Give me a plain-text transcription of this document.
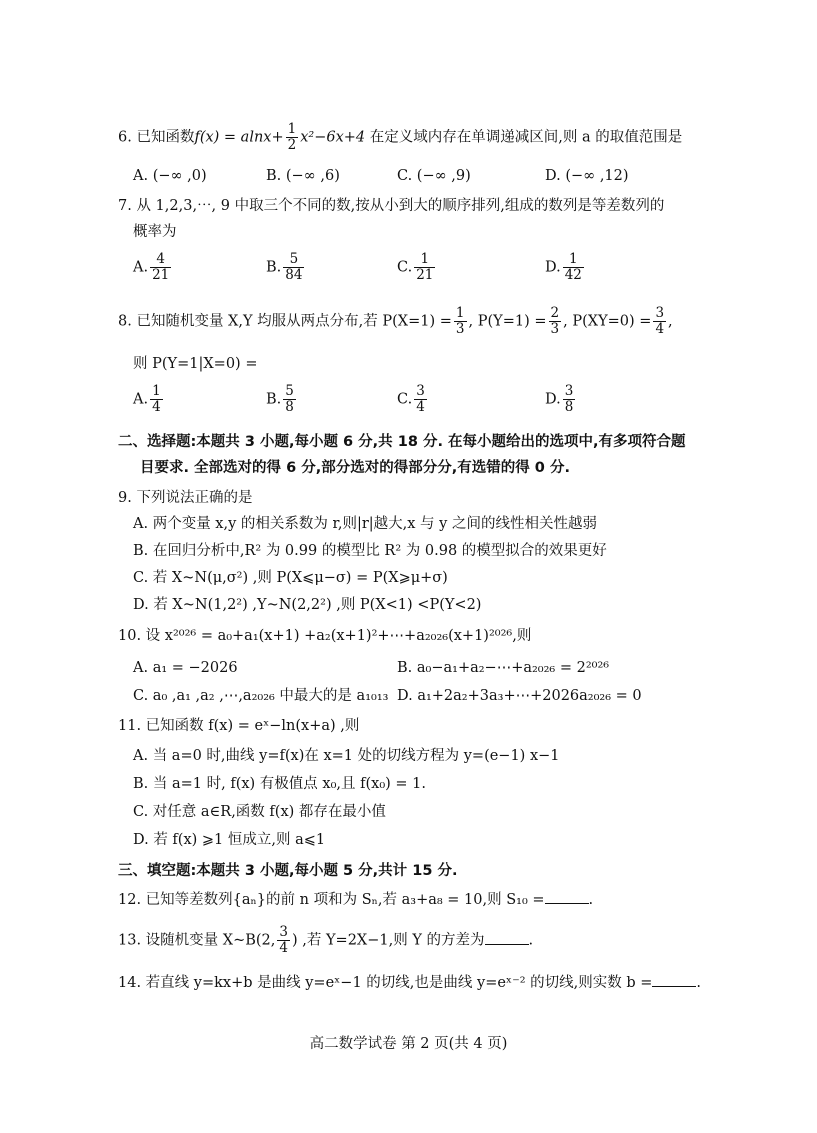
6. 已知函数$f(x) = alnx+ \frac{1}{2} x^2-6x+4$ 在定义域内存在单调递减区间,则 a 的取值范围是
A. (−∞ ,0)	B. (−∞ ,6)	C. (−∞ ,9)	D. (−∞ ,12)
7. 从 1,2,3,⋯, 9 中取三个不同的数,按从小到大的顺序排列,组成的数列是等差数列的
概率为
A. $\frac{4}{21}$	B. $\frac{5}{84}$	C. $\frac{1}{21}$	D. $\frac{1}{42}$
8. 已知随机变量 X,Y 均服从两点分布,若 $P(X=1) = \frac{1}{3}$ , $P(Y=1) = \frac{2}{3}$ , $P(XY=0) = \frac{3}{4}$ ,
则 P(Y=1|X=0) =
A. $\frac{1}{4}$	B. $\frac{5}{8}$	C. $\frac{3}{4}$	D. $\frac{3}{8}$
二、选择题:本题共 3 小题,每小题 6 分,共 18 分. 在每小题给出的选项中,有多项符合题
目要求. 全部选对的得 6 分,部分选对的得部分分,有选错的得 0 分.
9. 下列说法正确的是
A. 两个变量 x,y 的相关系数为 r,则|r|越大,x 与 y 之间的线性相关性越弱
B. 在回归分析中,R² 为 0.99 的模型比 R² 为 0.98 的模型拟合的效果更好
C. 若 X~N(μ,σ²) ,则 P(X⩽μ−σ) = P(X⩾μ+σ)
D. 若 X~N(1,2²) ,Y~N(2,2²) ,则 P(X<1) <P(Y<2)
10. 设 x²⁰²⁶ = a₀+a₁(x+1) +a₂(x+1)²+⋯+a₂₀₂₆(x+1)²⁰²⁶,则
A. a₁ = −2026	B. a₀−a₁+a₂−⋯+a₂₀₂₆ = 2²⁰²⁶
C. a₀ ,a₁ ,a₂ ,⋯,a₂₀₂₆ 中最大的是 a₁₀₁₃ D. a₁+2a₂+3a₃+⋯+2026a₂₀₂₆ = 0
11. 已知函数 f(x) = eˣ−ln(x+a) ,则
A. 当 a=0 时,曲线 y=f(x)在 x=1 处的切线方程为 y=(e−1) x−1
B. 当 a=1 时, f(x) 有极值点 x₀,且 f(x₀) = 1.
C. 对任意 a∈R,函数 f(x) 都存在最小值
D. 若 f(x) ⩾1 恒成立,则 a⩽1
三、填空题:本题共 3 小题,每小题 5 分,共计 15 分.
12. 已知等差数列{aₙ}的前 n 项和为 Sₙ,若 a₃+a₈ = 10,则 S₁₀ =	.
13. 设随机变量 X~B(2, $\frac{3}{4}$ ) ,若 Y=2X−1,则 Y 的方差为	.
14. 若直线 y=kx+b 是曲线 y=eˣ−1 的切线,也是曲线 y=eˣ⁻² 的切线,则实数 b =	.
高二数学试卷 第 2 页(共 4 页)
